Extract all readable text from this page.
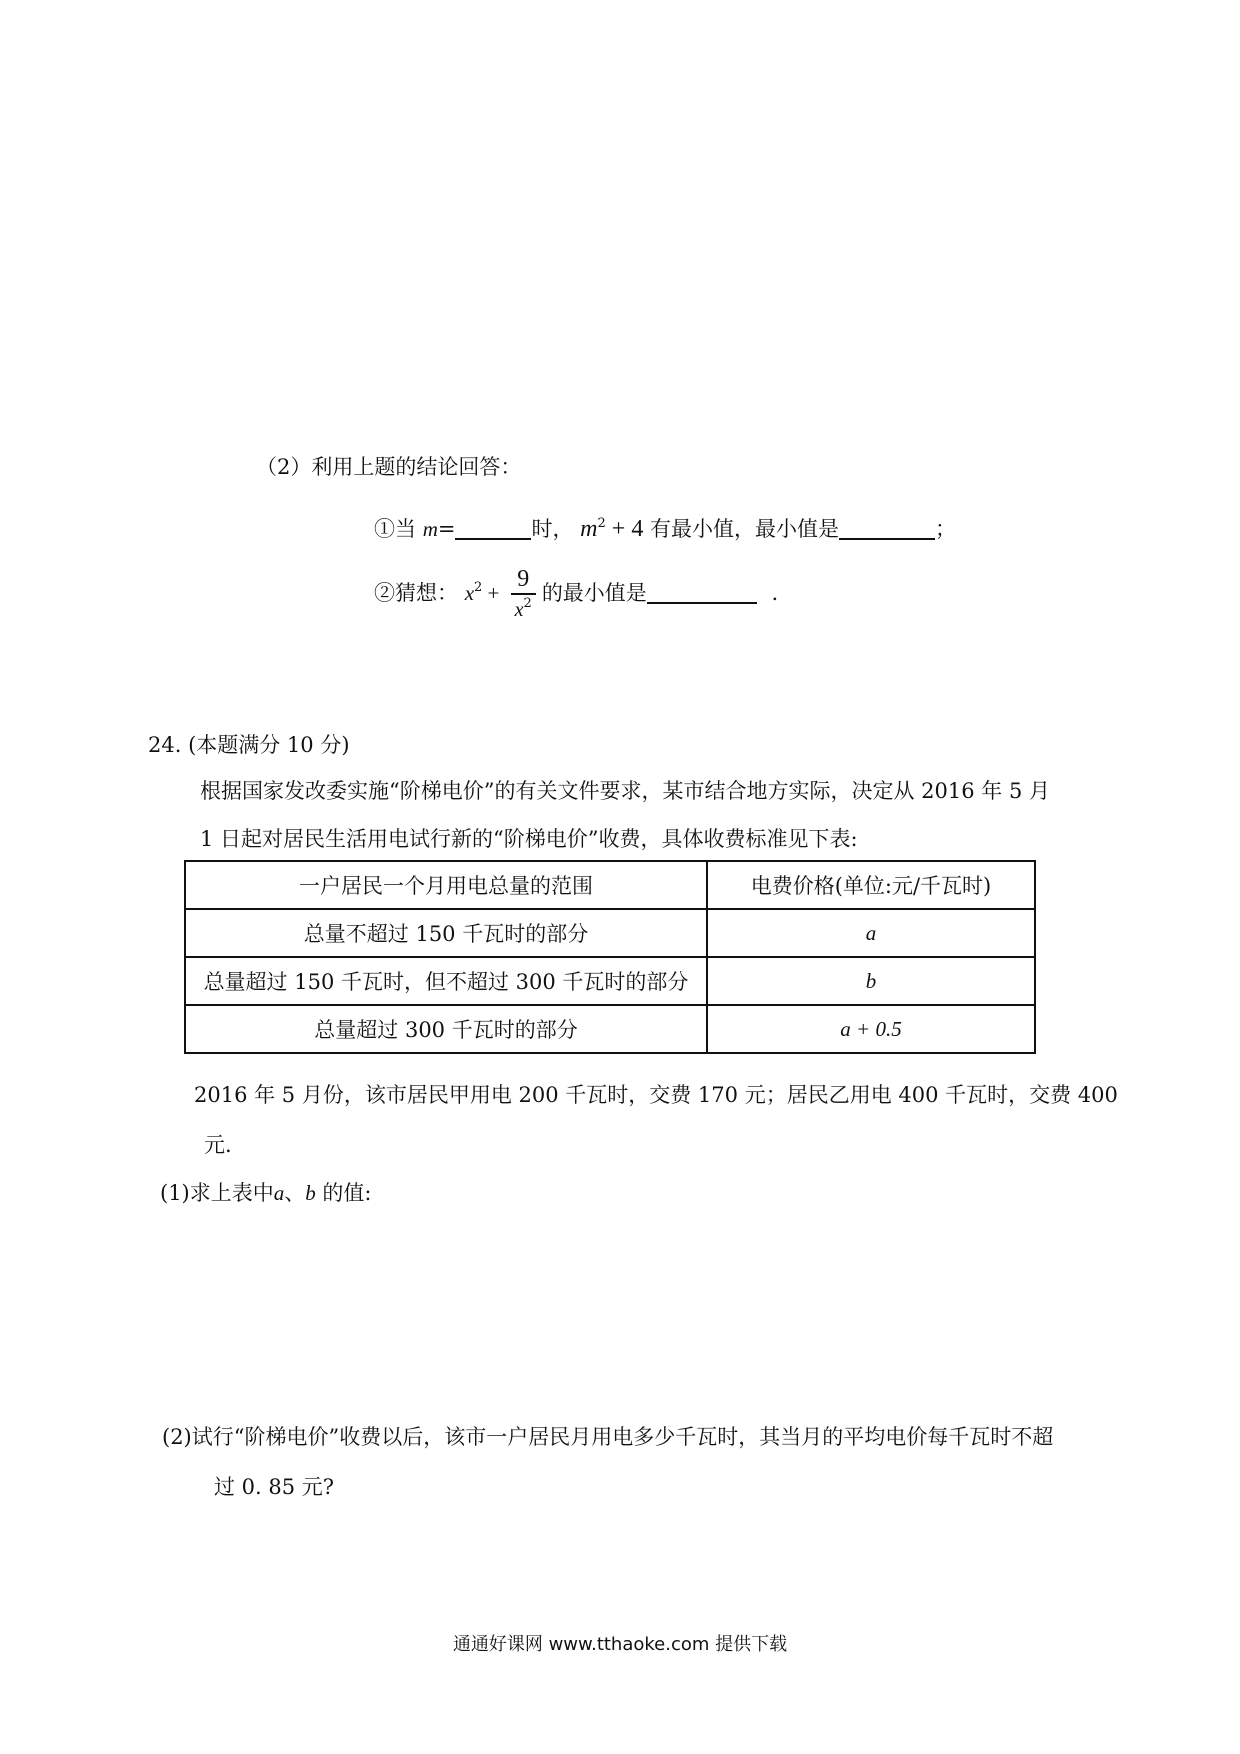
（2）利用上题的结论回答：
①当 m=	时， $m^2 + 4$ 有最小值，最小值是	；
②猜想： $x^2 + \frac{9}{x^2}$ 的最小值是	.
24. (本题满分 10 分)
根据国家发改委实施“阶梯电价”的有关文件要求，某市结合地方实际，决定从 2016 年 5 月
1 日起对居民生活用电试行新的“阶梯电价”收费，具体收费标准见下表:
一户居民一个月用电总量的范围	电费价格(单位:元/千瓦时)
总量不超过 150 千瓦时的部分	a
总量超过 150 千瓦时，但不超过 300 千瓦时的部分	b
总量超过 300 千瓦时的部分	a + 0.5
2016 年 5 月份，该市居民甲用电 200 千瓦时，交费 170 元；居民乙用电 400 千瓦时，交费 400
元.
(1)求上表中a、b 的值:
(2)试行“阶梯电价”收费以后，该市一户居民月用电多少千瓦时，其当月的平均电价每千瓦时不超
过 0. 85 元?
通通好课网 www.tthaoke.com 提供下载
